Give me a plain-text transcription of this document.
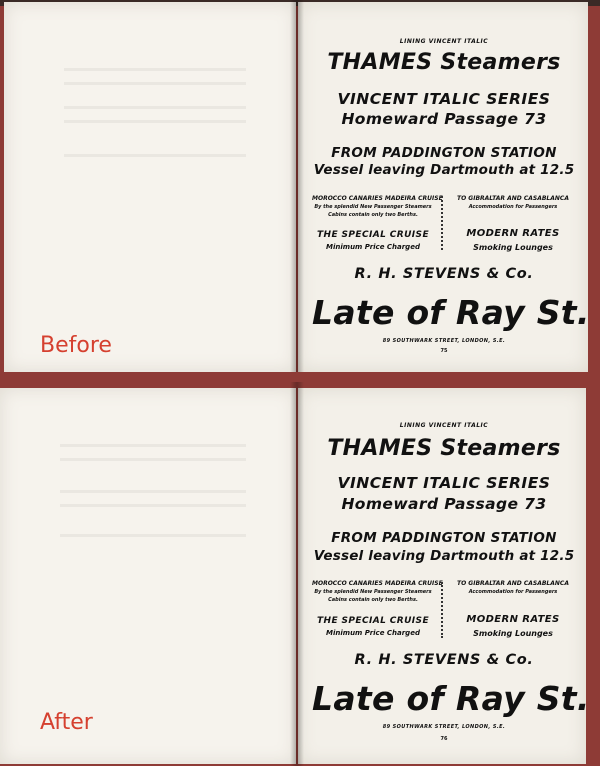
LINING VINCENT ITALIC
THAMES Steamers
VINCENT ITALIC SERIES
Homeward Passage 73
FROM PADDINGTON STATION
Vessel leaving Dartmouth at 12.5
MOROCCO CANARIES MADEIRA CRUISE
By the splendid New Passenger Steamers
Cabins contain only two Berths.
TO GIBRALTAR AND CASABLANCA
Accommodation for Passengers
THE SPECIAL CRUISE
Minimum Price Charged
MODERN RATES
Smoking Lounges
R. H. STEVENS & Co.
Late of Ray St.
89 SOUTHWARK STREET, LONDON, S.E.
75
Before
LINING VINCENT ITALIC
THAMES Steamers
VINCENT ITALIC SERIES
Homeward Passage 73
FROM PADDINGTON STATION
Vessel leaving Dartmouth at 12.5
MOROCCO CANARIES MADEIRA CRUISE
By the splendid New Passenger Steamers
Cabins contain only two Berths.
TO GIBRALTAR AND CASABLANCA
Accommodation for Passengers
THE SPECIAL CRUISE
Minimum Price Charged
MODERN RATES
Smoking Lounges
R. H. STEVENS & Co.
Late of Ray St.
89 SOUTHWARK STREET, LONDON, S.E.
76
After
